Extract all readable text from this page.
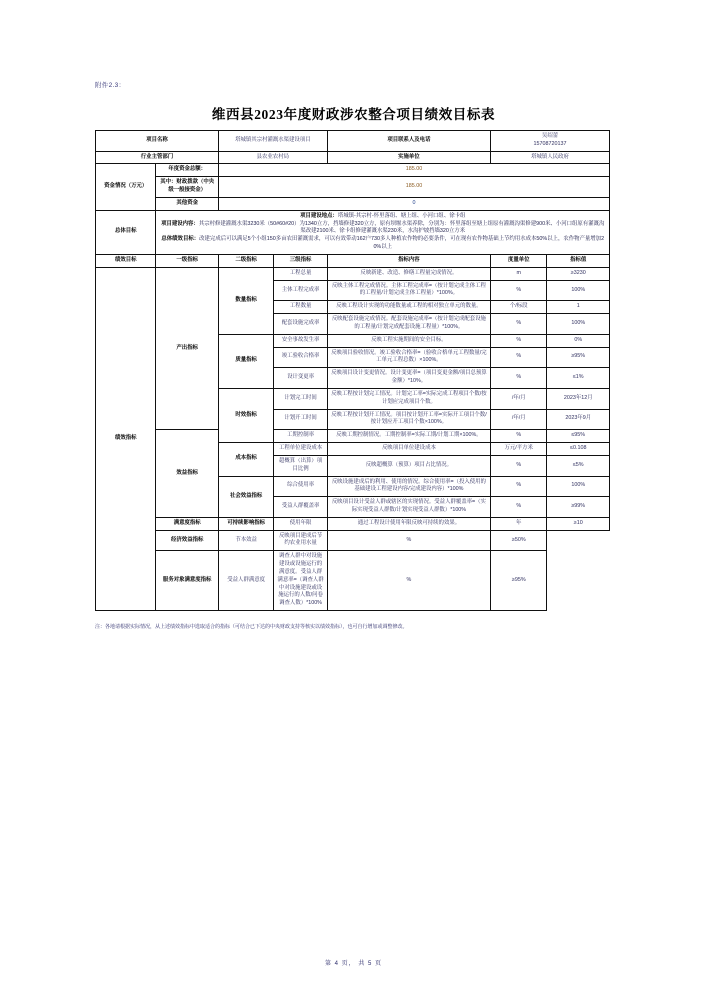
附件2.3：
维西县2023年度财政涉农整合项目绩效目标表
项目名称		塔城镇其宗村灌溉水渠建设项目		项目联系人及电话	吴绍蕾
15708720137	

行业主管部门		县农业农村局		实施单位	塔城镇人民政府	
资金情况（万元）	年度资金总额：	185.00				
	其中：财政拨款（中央级一般接资金）	185.00				
	其他资金	0				
总体目标	项目建设地点：塔城镇-其宗村-怀里落组、塘上组、小河口组、徐卡组
项目建设内容：其宗村修建灌溉水渠3230米（50#60#20）为1340立方，挡墙修建320立方，原有坝堰水渠养除，分别为：怀里落组至塘上组原有灌溉沟渠修建900米、小河口组原有灌溉沟渠改建2100米、徐卡组修建灌溉水渠230米，水沟护坡挡墙320立方米
总体绩效目标：改建完成后可以满足5个小组150多亩农田灌溉需求，可以有效带动162户730多人种植农作物的必要条件，可在现有农作物基础上节约用水成本50%以上，农作物产量增加20%以上					

绩效目标	一级指标	二级指标	三级指标	指标内容	度量单位	指标值
绩效指标	产出指标	数量指标	工程总量	反映新建、改造、修缮工程量完成情况。	m	≥3230
			主体工程完成率	反映主体工程完成情况。主体工程完成率=（按计划完成主体工程的工程量/计划完成主体工程量）*100%。	%	100%
			工程数量	反映工程设计实现的功能数量或工程的相对独立单元的数量。	个/标段	1
			配套设施完成率	反映配套设施完成情况。配套设施完成率=（按计划完成配套设施的工程量/计划完成配套设施工程量）*100%。	%	100%
		质量指标	安全事故发生率	反映工程实施期间的安全目标。	%	0%
			竣工验收合格率	反映项目验收情况。竣工验收合格率=（验收合格单元工程数量/完工单元工程总数）×100%。	%	≥95%
			设计变更率	反映项目设计变更情况。设计变更率=（项目变更金额/项目总预算金额）*10%。	%	≤1%
		时效指标	计划完工时间	反映工程按计划完工情况。计划完工率=实际完成工程项目个数/按计划应完成项目个数。	/年/月	2023年12月
			计划开工时间	反映工程按计划开工情况。项目按计划开工率=实际开工项目个数/按计划应开工项目个数×100%。	/年/月	2023年9月
	效益指标		工期控制率	反映工期控制情况。工期控制率=实际工期/计划工期×100%。	%	≤95%
		成本指标	工程单位建设成本	反映项目单位建设成本	万元/平方米	≤0.108
			超概算（出算）项目比例	反映超概算（预算）项目占比情况。	%	≤5%
		社会效益指标	综合使用率	反映设施建成后的利用、使用的情况。综合使用率=（投入使用的基础建设工程建设内容/完成建设内容）*100%	%	100%
			受益人群覆盖率	反映项目设计受益人群或辖区的实现情况。受益人群覆盖率=（实际实现受益人群数/计划实现受益人群数）*100%	%	≥99%
	满意度指标	可持续影响指标	使用年限	通过工程设计使用年限反映可持续的效果。	年	≥10
	经济效益指标	节本效益	反映项目建成后节约农业用水量	%	≥50%	
	服务对象满意度指标	受益人群满意度	调查人群中对设施建设或设施运行的满意度。受益人群满意率=（调查人群中对设施建设或设施运行的人数/问卷调查人数）*100%	%	≥95%	
注：各地请根据实际情况，从上述绩效指标中选取适合的指标（可结合已下达的中央财政支持等核实以绩效指标），也可自行增加或调整修改。
第 4 页， 共 5 页
